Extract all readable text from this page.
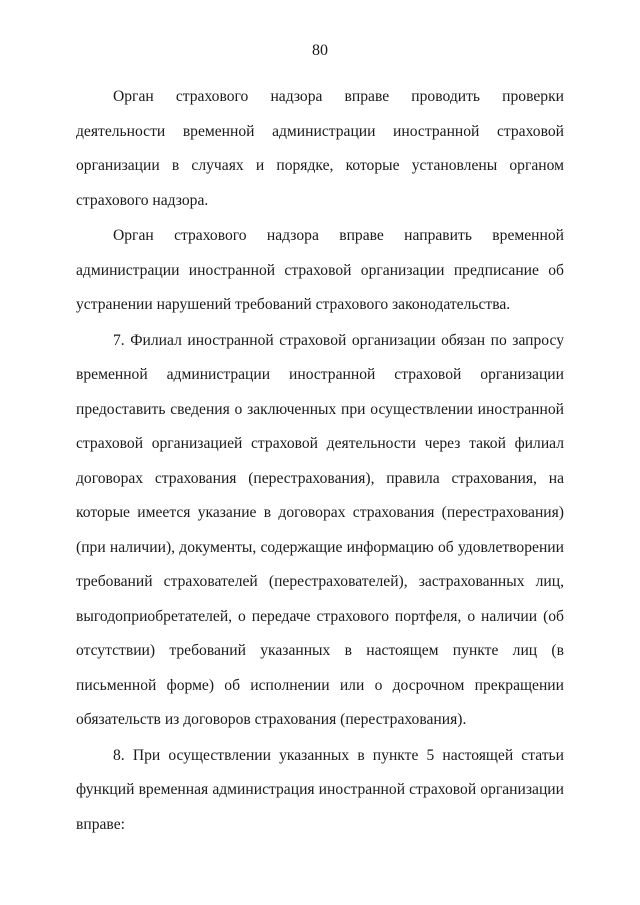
80

Орган страхового надзора вправе проводить проверки деятельности временной администрации иностранной страховой организации в случаях и порядке, которые установлены органом страхового надзора.

Орган страхового надзора вправе направить временной администрации иностранной страховой организации предписание об устранении нарушений требований страхового законодательства.

7. Филиал иностранной страховой организации обязан по запросу временной администрации иностранной страховой организации предоставить сведения о заключенных при осуществлении иностранной страховой организацией страховой деятельности через такой филиал договорах страхования (перестрахования), правила страхования, на которые имеется указание в договорах страхования (перестрахования) (при наличии), документы, содержащие информацию об удовлетворении требований страхователей (перестрахователей), застрахованных лиц, выгодоприобретателей, о передаче страхового портфеля, о наличии (об отсутствии) требований указанных в настоящем пункте лиц (в письменной форме) об исполнении или о досрочном прекращении обязательств из договоров страхования (перестрахования).

8. При осуществлении указанных в пункте 5 настоящей статьи функций временная администрация иностранной страховой организации вправе:
